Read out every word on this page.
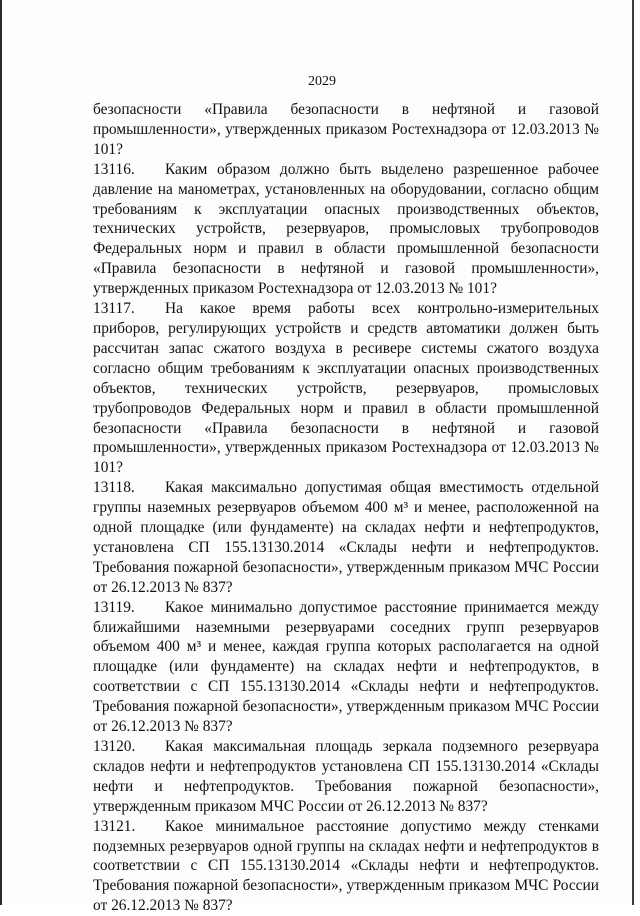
2029

безопасности «Правила безопасности в нефтяной и газовой промышленности», утвержденных приказом Ростехнадзора от 12.03.2013 № 101?

13116. Каким образом должно быть выделено разрешенное рабочее давление на манометрах, установленных на оборудовании, согласно общим требованиям к эксплуатации опасных производственных объектов, технических устройств, резервуаров, промысловых трубопроводов Федеральных норм и правил в области промышленной безопасности «Правила безопасности в нефтяной и газовой промышленности», утвержденных приказом Ростехнадзора от 12.03.2013 № 101?

13117. На какое время работы всех контрольно-измерительных приборов, регулирующих устройств и средств автоматики должен быть рассчитан запас сжатого воздуха в ресивере системы сжатого воздуха согласно общим требованиям к эксплуатации опасных производственных объектов, технических устройств, резервуаров, промысловых трубопроводов Федеральных норм и правил в области промышленной безопасности «Правила безопасности в нефтяной и газовой промышленности», утвержденных приказом Ростехнадзора от 12.03.2013 № 101?

13118. Какая максимально допустимая общая вместимость отдельной группы наземных резервуаров объемом 400 м³ и менее, расположенной на одной площадке (или фундаменте) на складах нефти и нефтепродуктов, установлена СП 155.13130.2014 «Склады нефти и нефтепродуктов. Требования пожарной безопасности», утвержденным приказом МЧС России от 26.12.2013 № 837?

13119. Какое минимально допустимое расстояние принимается между ближайшими наземными резервуарами соседних групп резервуаров объемом 400 м³ и менее, каждая группа которых располагается на одной площадке (или фундаменте) на складах нефти и нефтепродуктов, в соответствии с СП 155.13130.2014 «Склады нефти и нефтепродуктов. Требования пожарной безопасности», утвержденным приказом МЧС России от 26.12.2013 № 837?

13120. Какая максимальная площадь зеркала подземного резервуара складов нефти и нефтепродуктов установлена СП 155.13130.2014 «Склады нефти и нефтепродуктов. Требования пожарной безопасности», утвержденным приказом МЧС России от 26.12.2013 № 837?

13121. Какое минимальное расстояние допустимо между стенками подземных резервуаров одной группы на складах нефти и нефтепродуктов в соответствии с СП 155.13130.2014 «Склады нефти и нефтепродуктов. Требования пожарной безопасности», утвержденным приказом МЧС России от 26.12.2013 № 837?
